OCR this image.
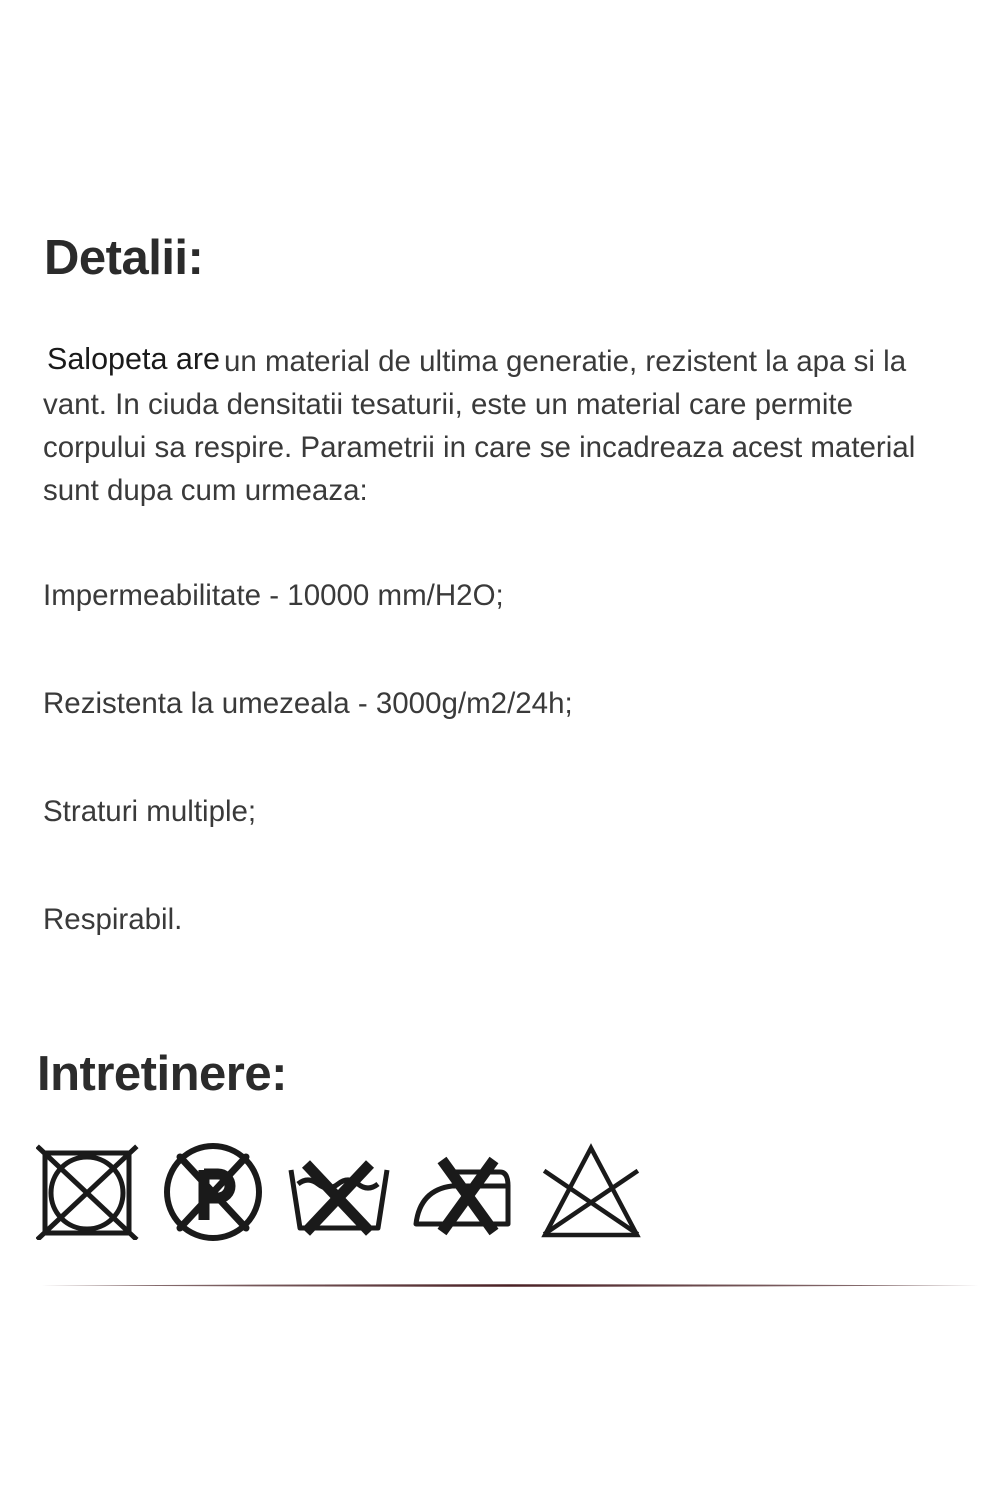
Detalii:

Salopeta are un material de ultima generatie, rezistent la apa si la vant. In ciuda densitatii tesaturii, este un material care permite corpului sa respire. Parametrii in care se incadreaza acest material sunt dupa cum urmeaza:

Impermeabilitate - 10000 mm/H2O;

Rezistenta la umezeala - 3000g/m2/24h;

Straturi multiple;

Respirabil.

Intretinere:
